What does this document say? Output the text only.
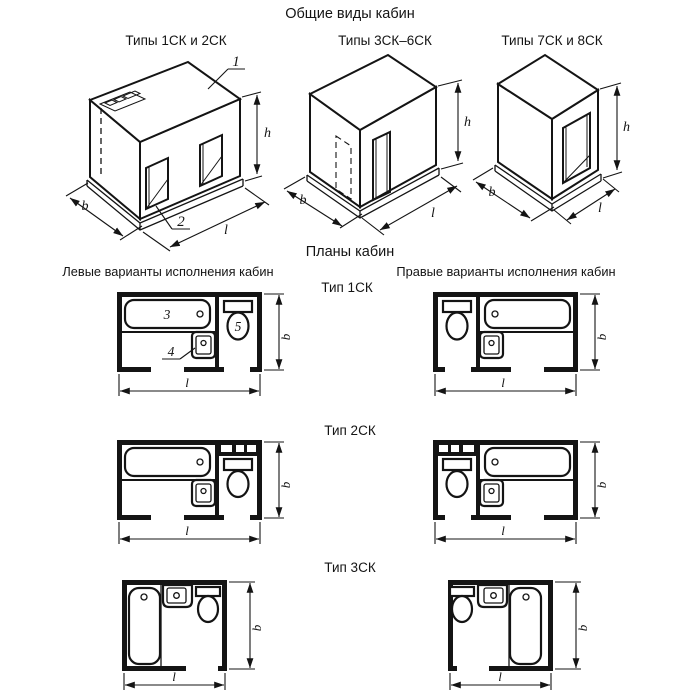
Общие виды кабин
Типы 1СК и 2СК	Типы 3СК–6СК	Типы 7СК и 8СК
Планы кабин
Левые варианты исполнения кабин	Правые варианты исполнения кабин
Тип 1СК
Тип 2СК
Тип 3СК
1
2
b
l
h
b
l
h
b
l
h
3
4
5
b
l
b
l
b
l
b
l
b
l
b
l
